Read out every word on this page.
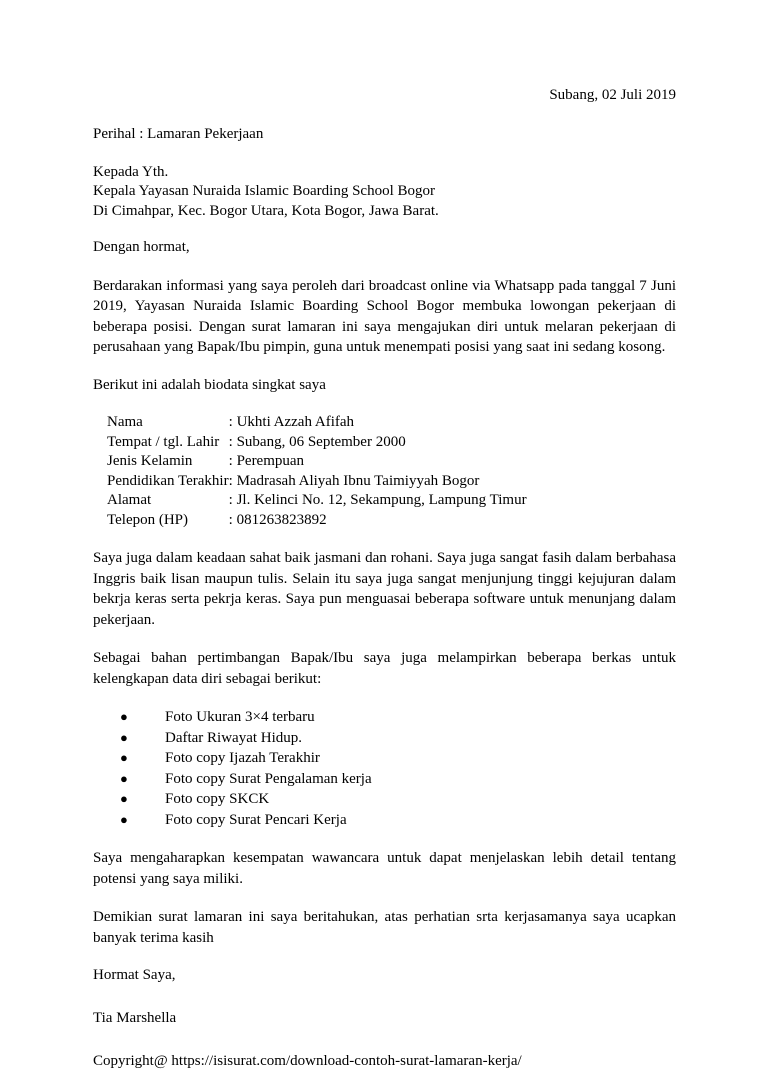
Subang, 02 Juli 2019
Perihal : Lamaran Pekerjaan
Kepada Yth.
Kepala Yayasan Nuraida Islamic Boarding School Bogor
Di Cimahpar, Kec. Bogor Utara, Kota Bogor, Jawa Barat.
Dengan hormat,

Berdarakan informasi yang saya peroleh dari broadcast online via Whatsapp pada tanggal 7 Juni 2019, Yayasan Nuraida Islamic Boarding School Bogor membuka lowongan pekerjaan di beberapa posisi. Dengan surat lamaran ini saya mengajukan diri untuk melaran pekerjaan di perusahaan yang Bapak/Ibu pimpin, guna untuk menempati posisi yang saat ini sedang kosong.

Berikut ini adalah biodata singkat saya
Nama	:	Ukhti Azzah Afifah
Tempat / tgl. Lahir	:	Subang, 06 September 2000
Jenis Kelamin	:	Perempuan
Pendidikan Terakhir	:	Madrasah Aliyah Ibnu Taimiyyah Bogor
Alamat	:	Jl. Kelinci No. 12, Sekampung, Lampung Timur
Telepon (HP)	:	081263823892

Saya juga dalam keadaan sahat baik jasmani dan rohani. Saya juga sangat fasih dalam berbahasa Inggris baik lisan maupun tulis. Selain itu saya juga sangat menjunjung tinggi kejujuran dalam bekrja keras serta pekrja keras. Saya pun menguasai beberapa software untuk menunjang dalam pekerjaan.

Sebagai bahan pertimbangan Bapak/Ibu saya juga melampirkan beberapa berkas untuk kelengkapan data diri sebagai berikut:

● Foto Ukuran 3×4 terbaru
● Daftar Riwayat Hidup.
● Foto copy Ijazah Terakhir
● Foto copy Surat Pengalaman kerja
● Foto copy SKCK
● Foto copy Surat Pencari Kerja

Saya mengaharapkan kesempatan wawancara untuk dapat menjelaskan lebih detail tentang potensi yang saya miliki.

Demikian surat lamaran ini saya beritahukan, atas perhatian srta kerjasamanya saya ucapkan banyak terima kasih

Hormat Saya,
Tia Marshella
Copyright@ https://isisurat.com/download-contoh-surat-lamaran-kerja/
